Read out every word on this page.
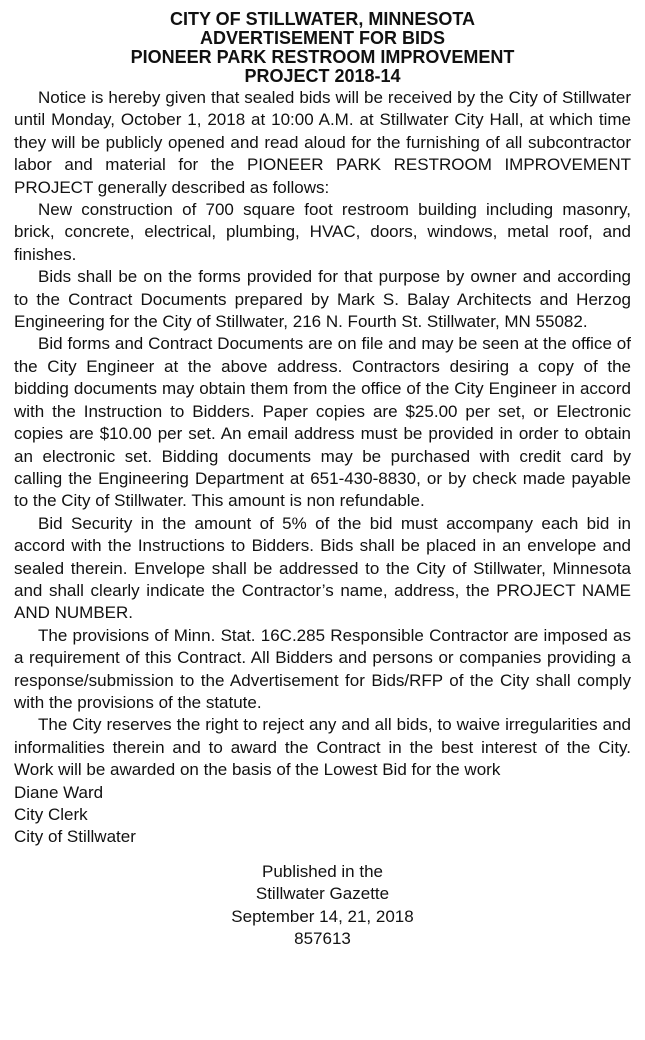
CITY OF STILLWATER, MINNESOTA
ADVERTISEMENT FOR BIDS
PIONEER PARK RESTROOM IMPROVEMENT
PROJECT 2018-14

Notice is hereby given that sealed bids will be received by the City of Stillwater until Monday, October 1, 2018 at 10:00 A.M. at Stillwater City Hall, at which time they will be publicly opened and read aloud for the furnishing of all subcontractor labor and material for the PIONEER PARK RESTROOM IMPROVEMENT PROJECT generally described as follows:

New construction of 700 square foot restroom building including masonry, brick, concrete, electrical, plumbing, HVAC, doors, windows, metal roof, and finishes.

Bids shall be on the forms provided for that purpose by owner and according to the Contract Documents prepared by Mark S. Balay Architects and Herzog Engineering for the City of Stillwater, 216 N. Fourth St. Stillwater, MN 55082.

Bid forms and Contract Documents are on file and may be seen at the office of the City Engineer at the above address. Contractors desiring a copy of the bidding documents may obtain them from the office of the City Engineer in accord with the Instruction to Bidders. Paper copies are $25.00 per set, or Electronic copies are $10.00 per set. An email address must be provided in order to obtain an electronic set. Bidding documents may be purchased with credit card by calling the Engineering Department at 651-430-8830, or by check made payable to the City of Stillwater. This amount is non refundable.

Bid Security in the amount of 5% of the bid must accompany each bid in accord with the Instructions to Bidders. Bids shall be placed in an envelope and sealed therein. Envelope shall be addressed to the City of Stillwater, Minnesota and shall clearly indicate the Contractor’s name, address, the PROJECT NAME AND NUMBER.

The provisions of Minn. Stat. 16C.285 Responsible Contractor are imposed as a requirement of this Contract. All Bidders and persons or companies providing a response/submission to the Advertisement for Bids/RFP of the City shall comply with the provisions of the statute.

The City reserves the right to reject any and all bids, to waive irregularities and informalities therein and to award the Contract in the best interest of the City. Work will be awarded on the basis of the Lowest Bid for the work

Diane Ward
City Clerk
City of Stillwater
Published in the
Stillwater Gazette
September 14, 21, 2018
857613
